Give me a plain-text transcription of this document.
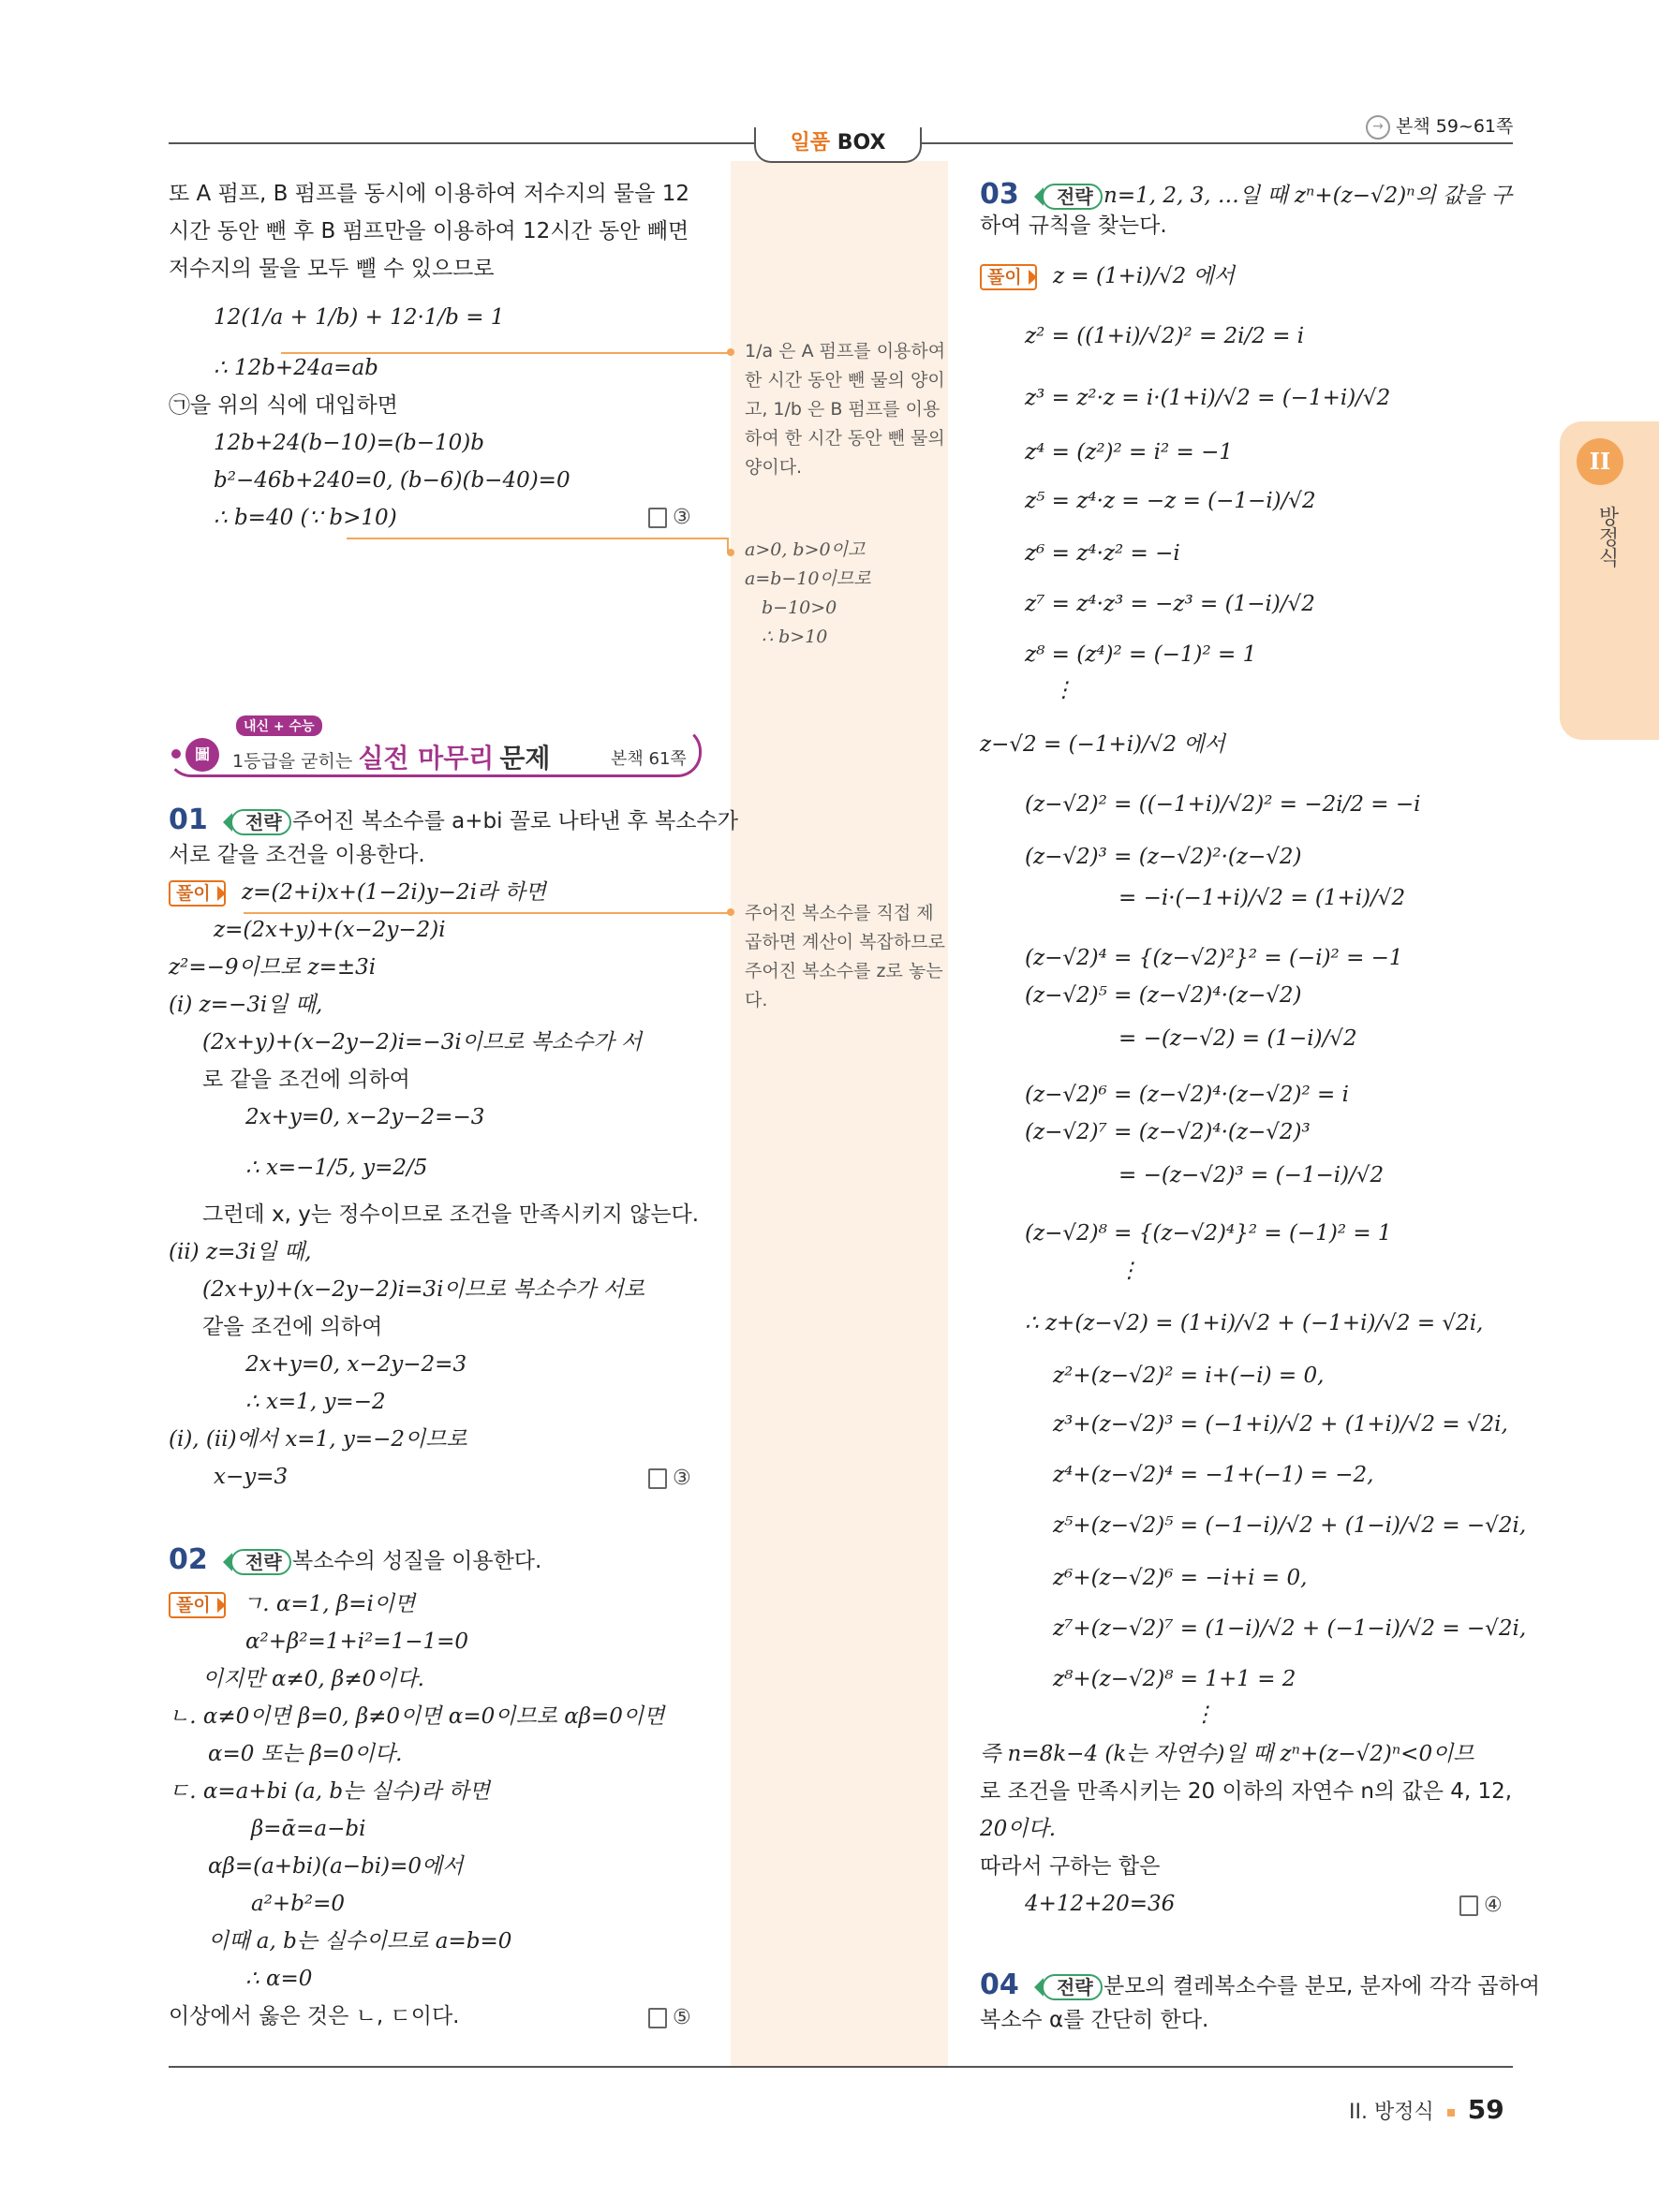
→ 본책 59~61쪽
일품 BOX
II
방정식
또 A 펌프, B 펌프를 동시에 이용하여 저수지의 물을 12
시간 동안 뺀 후 B 펌프만을 이용하여 12시간 동안 빼면
저수지의 물을 모두 뺄 수 있으므로
12(1/a + 1/b) + 12·1/b = 1
∴ 12b+24a=ab
㉠을 위의 식에 대입하면
12b+24(b−10)=(b−10)b
b²−46b+240=0, (b−6)(b−40)=0
∴ b=40 (∵ b>10)	③
1/a 은 A 펌프를 이용하여
한 시간 동안 뺀 물의 양이
고, 1/b 은 B 펌프를 이용
하여 한 시간 동안 뺀 물의
양이다.
a>0, b>0이고
a=b−10이므로
b−10>0
∴ b>10
주어진 복소수를 직접 제
곱하면 계산이 복잡하므로
주어진 복소수를 z로 놓는
다.
圖
내신 + 수능
1등급을 굳히는 실전 마무리 문제	본책 61쪽
01	전략 주어진 복소수를 a+bi 꼴로 나타낸 후 복소수가
서로 같을 조건을 이용한다.
풀이	z=(2+i)x+(1−2i)y−2i라 하면
z=(2x+y)+(x−2y−2)i
z²=−9이므로 z=±3i
(i) z=−3i일 때,
(2x+y)+(x−2y−2)i=−3i이므로 복소수가 서
로 같을 조건에 의하여
2x+y=0, x−2y−2=−3
∴ x=−1/5, y=2/5
그런데 x, y는 정수이므로 조건을 만족시키지 않는다.
(ii) z=3i일 때,
(2x+y)+(x−2y−2)i=3i이므로 복소수가 서로
같을 조건에 의하여
2x+y=0, x−2y−2=3
∴ x=1, y=−2
(i), (ii)에서 x=1, y=−2이므로
x−y=3	③
02	전략 복소수의 성질을 이용한다.
풀이	ㄱ. α=1, β=i이면
α²+β²=1+i²=1−1=0
이지만 α≠0, β≠0이다.
ㄴ. α≠0이면 β=0, β≠0이면 α=0이므로 αβ=0이면
α=0 또는 β=0이다.
ㄷ. α=a+bi (a, b는 실수)라 하면
β=ᾱ=a−bi
αβ=(a+bi)(a−bi)=0에서
a²+b²=0
이때 a, b는 실수이므로 a=b=0
∴ α=0
이상에서 옳은 것은 ㄴ, ㄷ이다.	⑤
03	전략 n=1, 2, 3, …일 때 zⁿ+(z−√2)ⁿ의 값을 구
하여 규칙을 찾는다.
풀이	z = (1+i)/√2 에서
z² = ((1+i)/√2)² = 2i/2 = i
z³ = z²·z = i·(1+i)/√2 = (−1+i)/√2
z⁴ = (z²)² = i² = −1
z⁵ = z⁴·z = −z = (−1−i)/√2
z⁶ = z⁴·z² = −i
z⁷ = z⁴·z³ = −z³ = (1−i)/√2
z⁸ = (z⁴)² = (−1)² = 1
⋮
z−√2 = (−1+i)/√2 에서
(z−√2)² = ((−1+i)/√2)² = −2i/2 = −i
(z−√2)³ = (z−√2)²·(z−√2)
= −i·(−1+i)/√2 = (1+i)/√2
(z−√2)⁴ = {(z−√2)²}² = (−i)² = −1
(z−√2)⁵ = (z−√2)⁴·(z−√2)
= −(z−√2) = (1−i)/√2
(z−√2)⁶ = (z−√2)⁴·(z−√2)² = i
(z−√2)⁷ = (z−√2)⁴·(z−√2)³
= −(z−√2)³ = (−1−i)/√2
(z−√2)⁸ = {(z−√2)⁴}² = (−1)² = 1
⋮
∴ z+(z−√2) = (1+i)/√2 + (−1+i)/√2 = √2i,
z²+(z−√2)² = i+(−i) = 0,
z³+(z−√2)³ = (−1+i)/√2 + (1+i)/√2 = √2i,
z⁴+(z−√2)⁴ = −1+(−1) = −2,
z⁵+(z−√2)⁵ = (−1−i)/√2 + (1−i)/√2 = −√2i,
z⁶+(z−√2)⁶ = −i+i = 0,
z⁷+(z−√2)⁷ = (1−i)/√2 + (−1−i)/√2 = −√2i,
z⁸+(z−√2)⁸ = 1+1 = 2
⋮
즉 n=8k−4 (k는 자연수)일 때 zⁿ+(z−√2)ⁿ<0이므
로 조건을 만족시키는 20 이하의 자연수 n의 값은 4, 12,
20이다.
따라서 구하는 합은
4+12+20=36	④
04	전략 분모의 켤레복소수를 분모, 분자에 각각 곱하여
복소수 α를 간단히 한다.
II. 방정식 59
